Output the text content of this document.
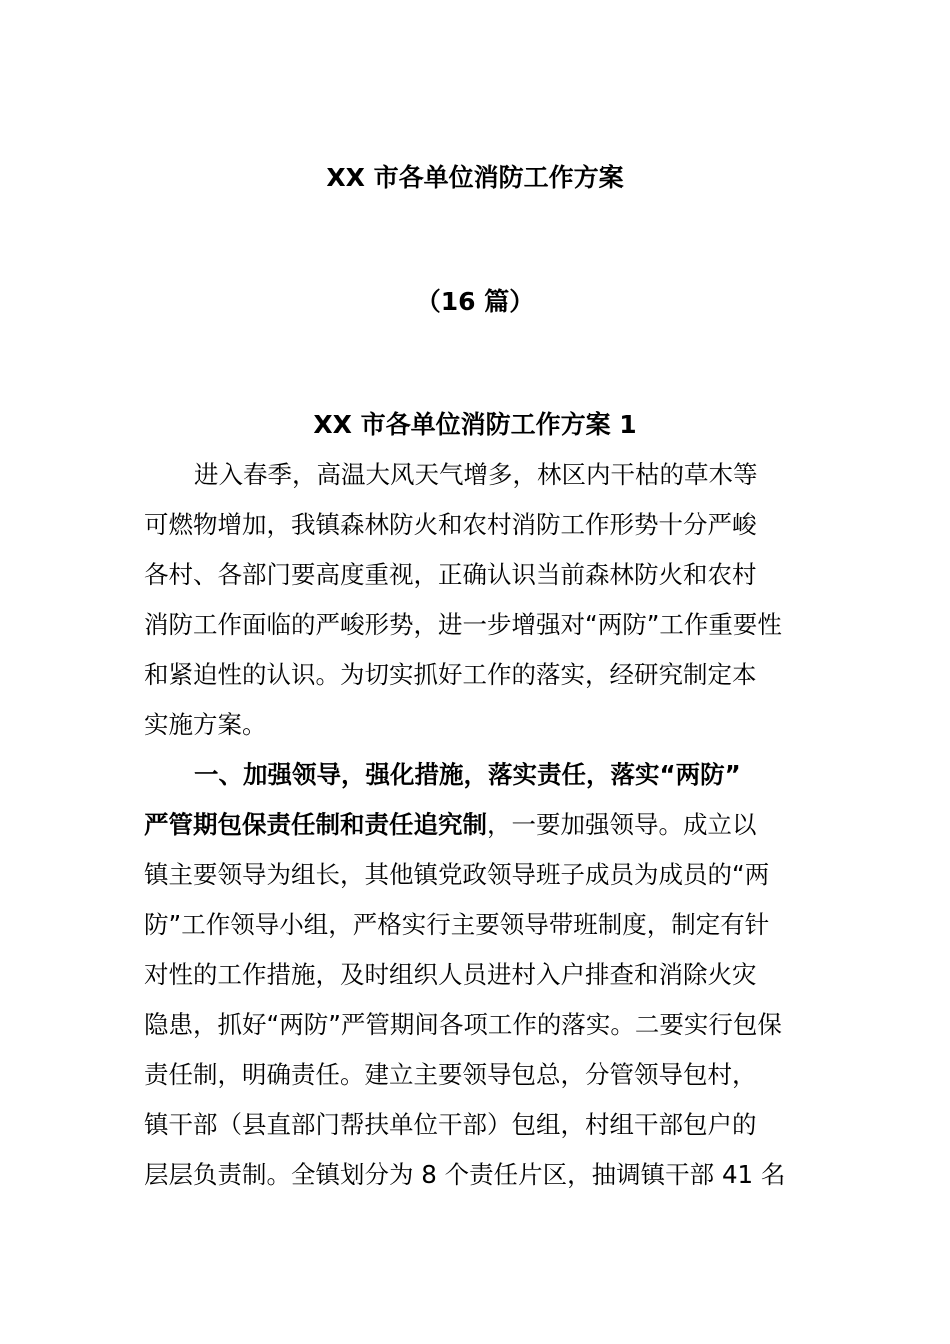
XX 市各单位消防工作方案
（16 篇）
XX 市各单位消防工作方案 1
进入春季，高温大风天气增多，林区内干枯的草木等
可燃物增加，我镇森林防火和农村消防工作形势十分严峻
各村、各部门要高度重视，正确认识当前森林防火和农村
消防工作面临的严峻形势，进一步增强对“两防”工作重要性
和紧迫性的认识。为切实抓好工作的落实，经研究制定本
实施方案。
一、加强领导，强化措施，落实责任，落实“两防”
严管期包保责任制和责任追究制，一要加强领导。成立以
镇主要领导为组长，其他镇党政领导班子成员为成员的“两
防”工作领导小组，严格实行主要领导带班制度，制定有针
对性的工作措施，及时组织人员进村入户排查和消除火灾
隐患，抓好“两防”严管期间各项工作的落实。二要实行包保
责任制，明确责任。建立主要领导包总，分管领导包村，
镇干部（县直部门帮扶单位干部）包组，村组干部包户的
层层负责制。全镇划分为 8 个责任片区，抽调镇干部 41 名
